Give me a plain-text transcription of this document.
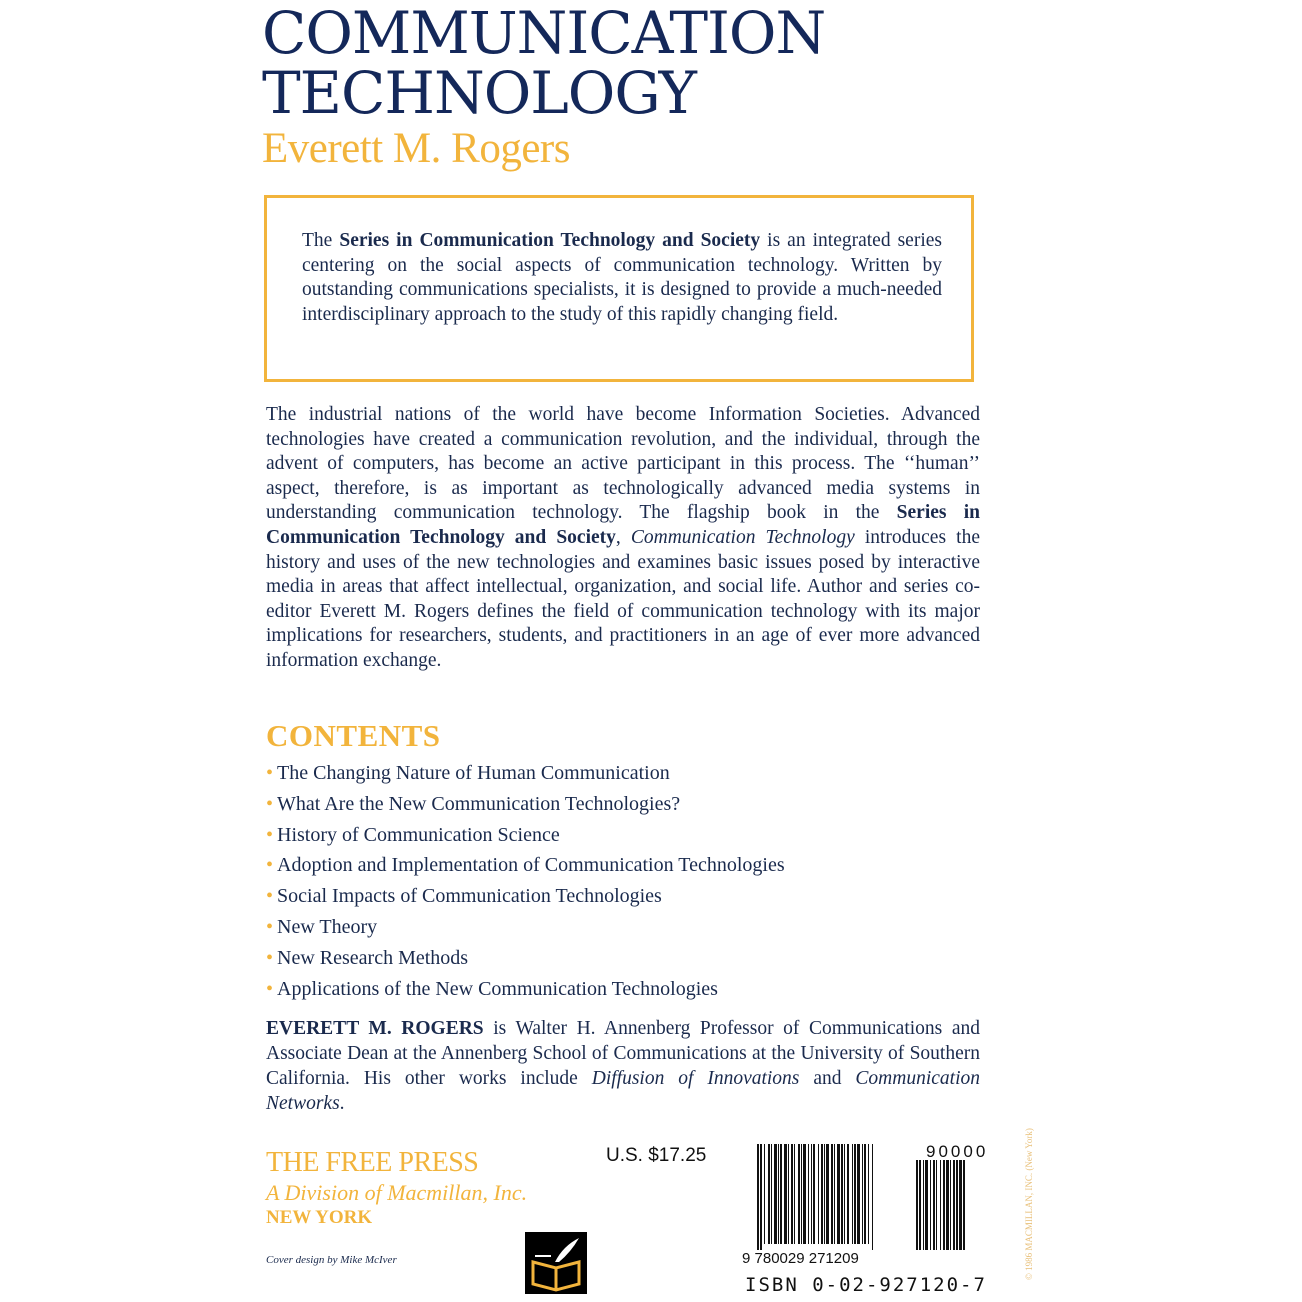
COMMUNICATION
TECHNOLOGY
Everett M. Rogers
The Series in Communication Technology and Society is an integrated series centering on the social aspects of communication technology. Written by outstanding communications specialists, it is designed to provide a much-needed interdisciplinary approach to the study of this rapidly changing field.
The industrial nations of the world have become Information Societies. Advanced technologies have created a communication revolution, and the individual, through the advent of computers, has become an active participant in this process. The ‘‘human’’ aspect, therefore, is as important as technologically advanced media systems in understanding communication technology. The flagship book in the Series in Communication Technology and Society, Communication Technology introduces the history and uses of the new technologies and examines basic issues posed by interactive media in areas that affect intellectual, organization, and social life. Author and series co-editor Everett M. Rogers defines the field of communication technology with its major implications for researchers, students, and practitioners in an age of ever more advanced information exchange.
CONTENTS
• The Changing Nature of Human Communication
• What Are the New Communication Technologies?
• History of Communication Science
• Adoption and Implementation of Communication Technologies
• Social Impacts of Communication Technologies
• New Theory
• New Research Methods
• Applications of the New Communication Technologies
EVERETT M. ROGERS is Walter H. Annenberg Professor of Communications and Associate Dean at the Annenberg School of Communications at the University of Southern California. His other works include Diffusion of Innovations and Communication Networks.
THE FREE PRESS
A Division of Macmillan, Inc.
NEW YORK
Cover design by Mike McIver
U.S. $17.25	90000
9 780029 271209
ISBN 0-02-927120-7
© 1986 MACMILLAN, INC. (New York)
